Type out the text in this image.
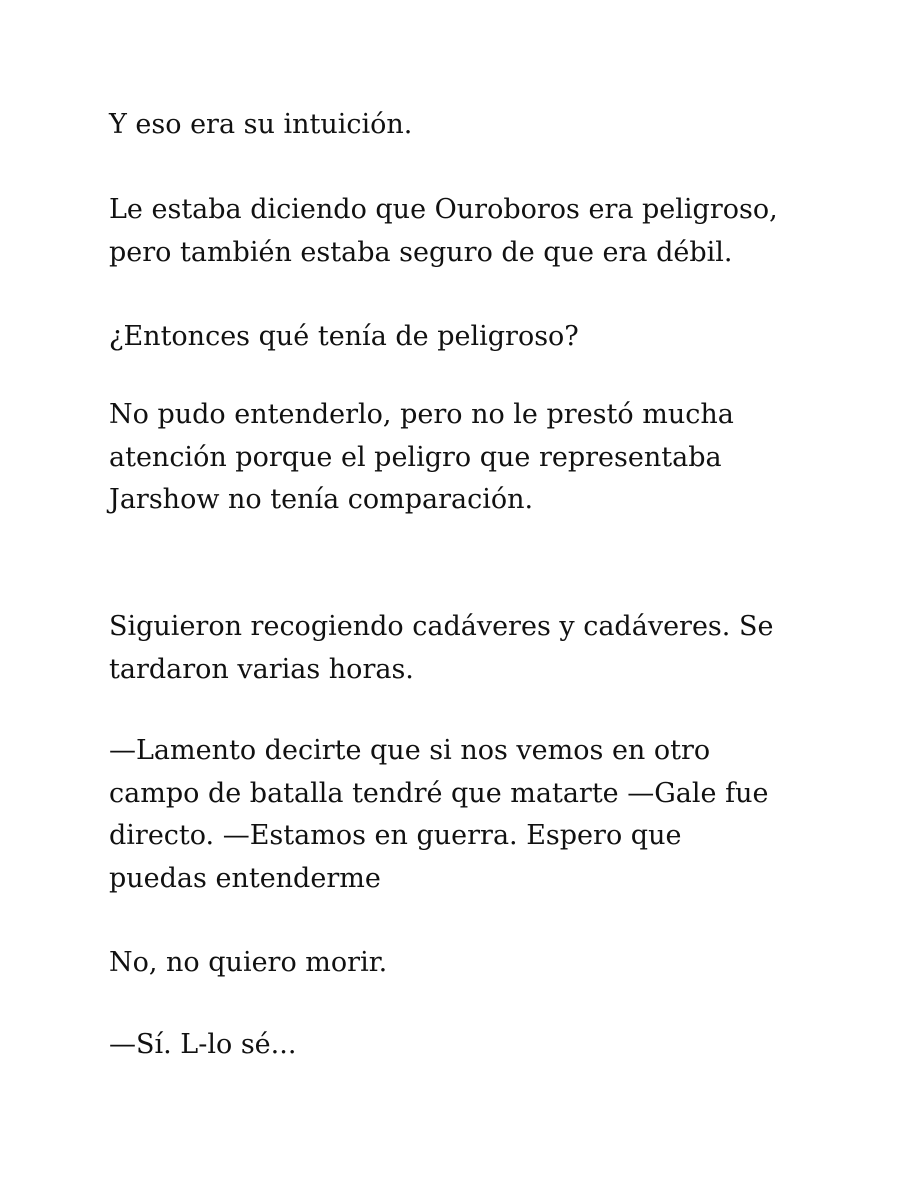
Y eso era su intuición.

Le estaba diciendo que Ouroboros era peligroso,
pero también estaba seguro de que era débil.

¿Entonces qué tenía de peligroso?

No pudo entenderlo, pero no le prestó mucha
atención porque el peligro que representaba
Jarshow no tenía comparación.

Siguieron recogiendo cadáveres y cadáveres. Se
tardaron varias horas.

—Lamento decirte que si nos vemos en otro
campo de batalla tendré que matarte —Gale fue
directo. —Estamos en guerra. Espero que
puedas entenderme

No, no quiero morir.

—Sí. L-lo sé...
